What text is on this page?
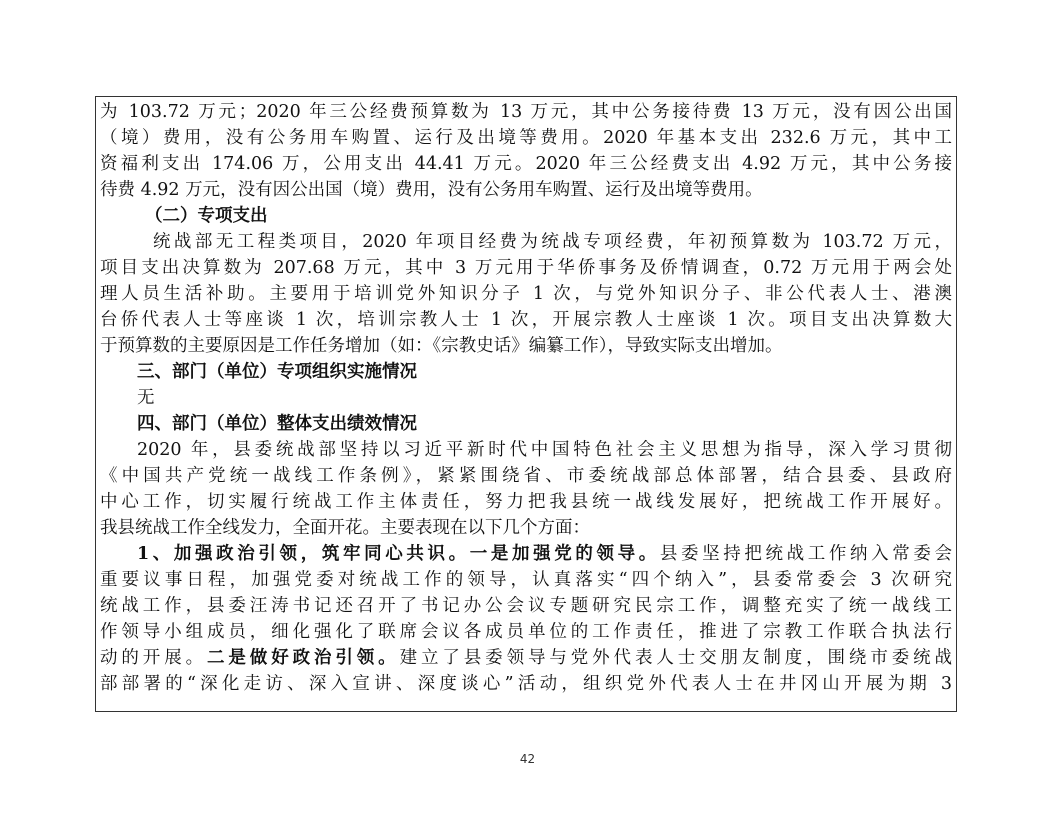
为 103.72 万元；2020 年三公经费预算数为 13 万元，其中公务接待费 13 万元，没有因公出国
（境）费用，没有公务用车购置、运行及出境等费用。2020 年基本支出 232.6 万元，其中工
资福利支出 174.06 万，公用支出 44.41 万元。2020 年三公经费支出 4.92 万元，其中公务接
待费 4.92 万元，没有因公出国（境）费用，没有公务用车购置、运行及出境等费用。
（二）专项支出
统战部无工程类项目，2020 年项目经费为统战专项经费，年初预算数为 103.72 万元，
项目支出决算数为 207.68 万元，其中 3 万元用于华侨事务及侨情调查，0.72 万元用于两会处
理人员生活补助。主要用于培训党外知识分子 1 次，与党外知识分子、非公代表人士、港澳
台侨代表人士等座谈 1 次，培训宗教人士 1 次，开展宗教人士座谈 1 次。项目支出决算数大
于预算数的主要原因是工作任务增加（如：《宗教史话》编纂工作），导致实际支出增加。
三、部门（单位）专项组织实施情况
无
四、部门（单位）整体支出绩效情况
2020 年，县委统战部坚持以习近平新时代中国特色社会主义思想为指导，深入学习贯彻
《中国共产党统一战线工作条例》，紧紧围绕省、市委统战部总体部署，结合县委、县政府
中心工作，切实履行统战工作主体责任，努力把我县统一战线发展好，把统战工作开展好。
我县统战工作全线发力，全面开花。主要表现在以下几个方面：
1、加强政治引领，筑牢同心共识。一是加强党的领导。县委坚持把统战工作纳入常委会
重要议事日程，加强党委对统战工作的领导，认真落实“四个纳入”，县委常委会 3 次研究
统战工作，县委汪涛书记还召开了书记办公会议专题研究民宗工作，调整充实了统一战线工
作领导小组成员，细化强化了联席会议各成员单位的工作责任，推进了宗教工作联合执法行
动的开展。二是做好政治引领。建立了县委领导与党外代表人士交朋友制度，围绕市委统战
部部署的“深化走访、深入宣讲、深度谈心”活动，组织党外代表人士在井冈山开展为期 3
42
